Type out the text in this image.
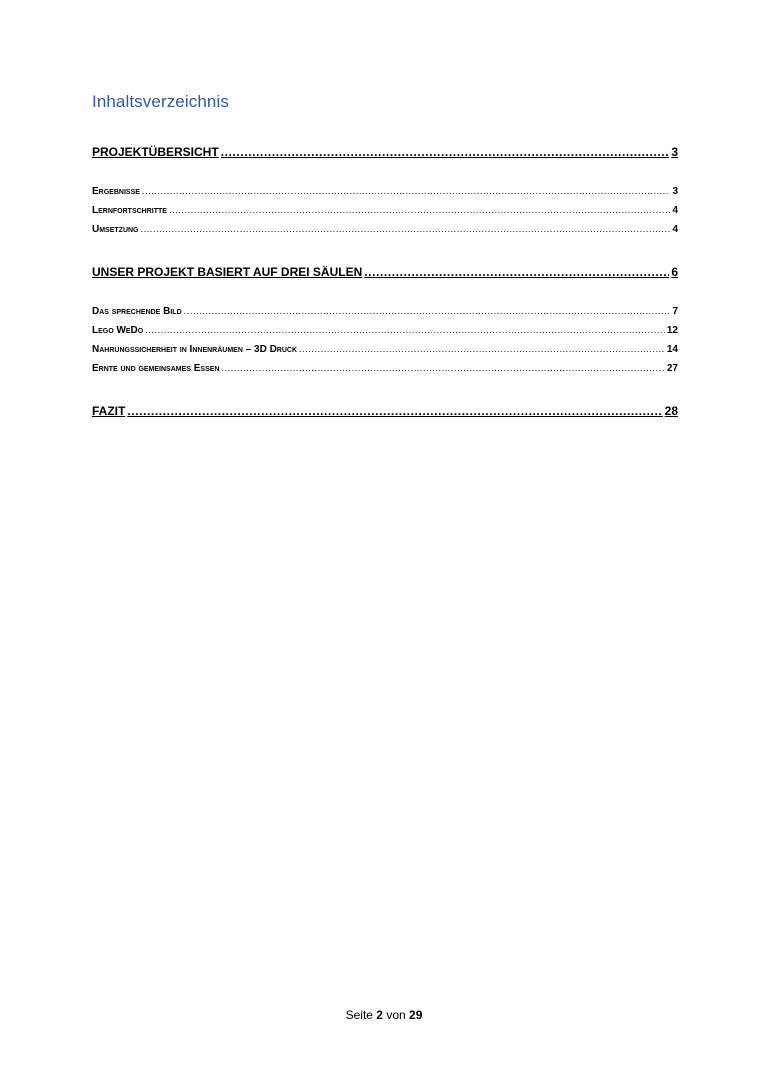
Inhaltsverzeichnis
PROJEKTÜBERSICHT .....	3
Ergebnisse .....	3
Lernfortschritte .....	4
Umsetzung .....	4
UNSER PROJEKT BASIERT AUF DREI SÄULEN .....	6
Das sprechende Bild .....	7
Lego WeDo .....	12
Nahrungssicherheit in Innenräumen – 3D Druck .....	14
Ernte und gemeinsames Essen .....	27
FAZIT .....	28
Seite 2 von 29
